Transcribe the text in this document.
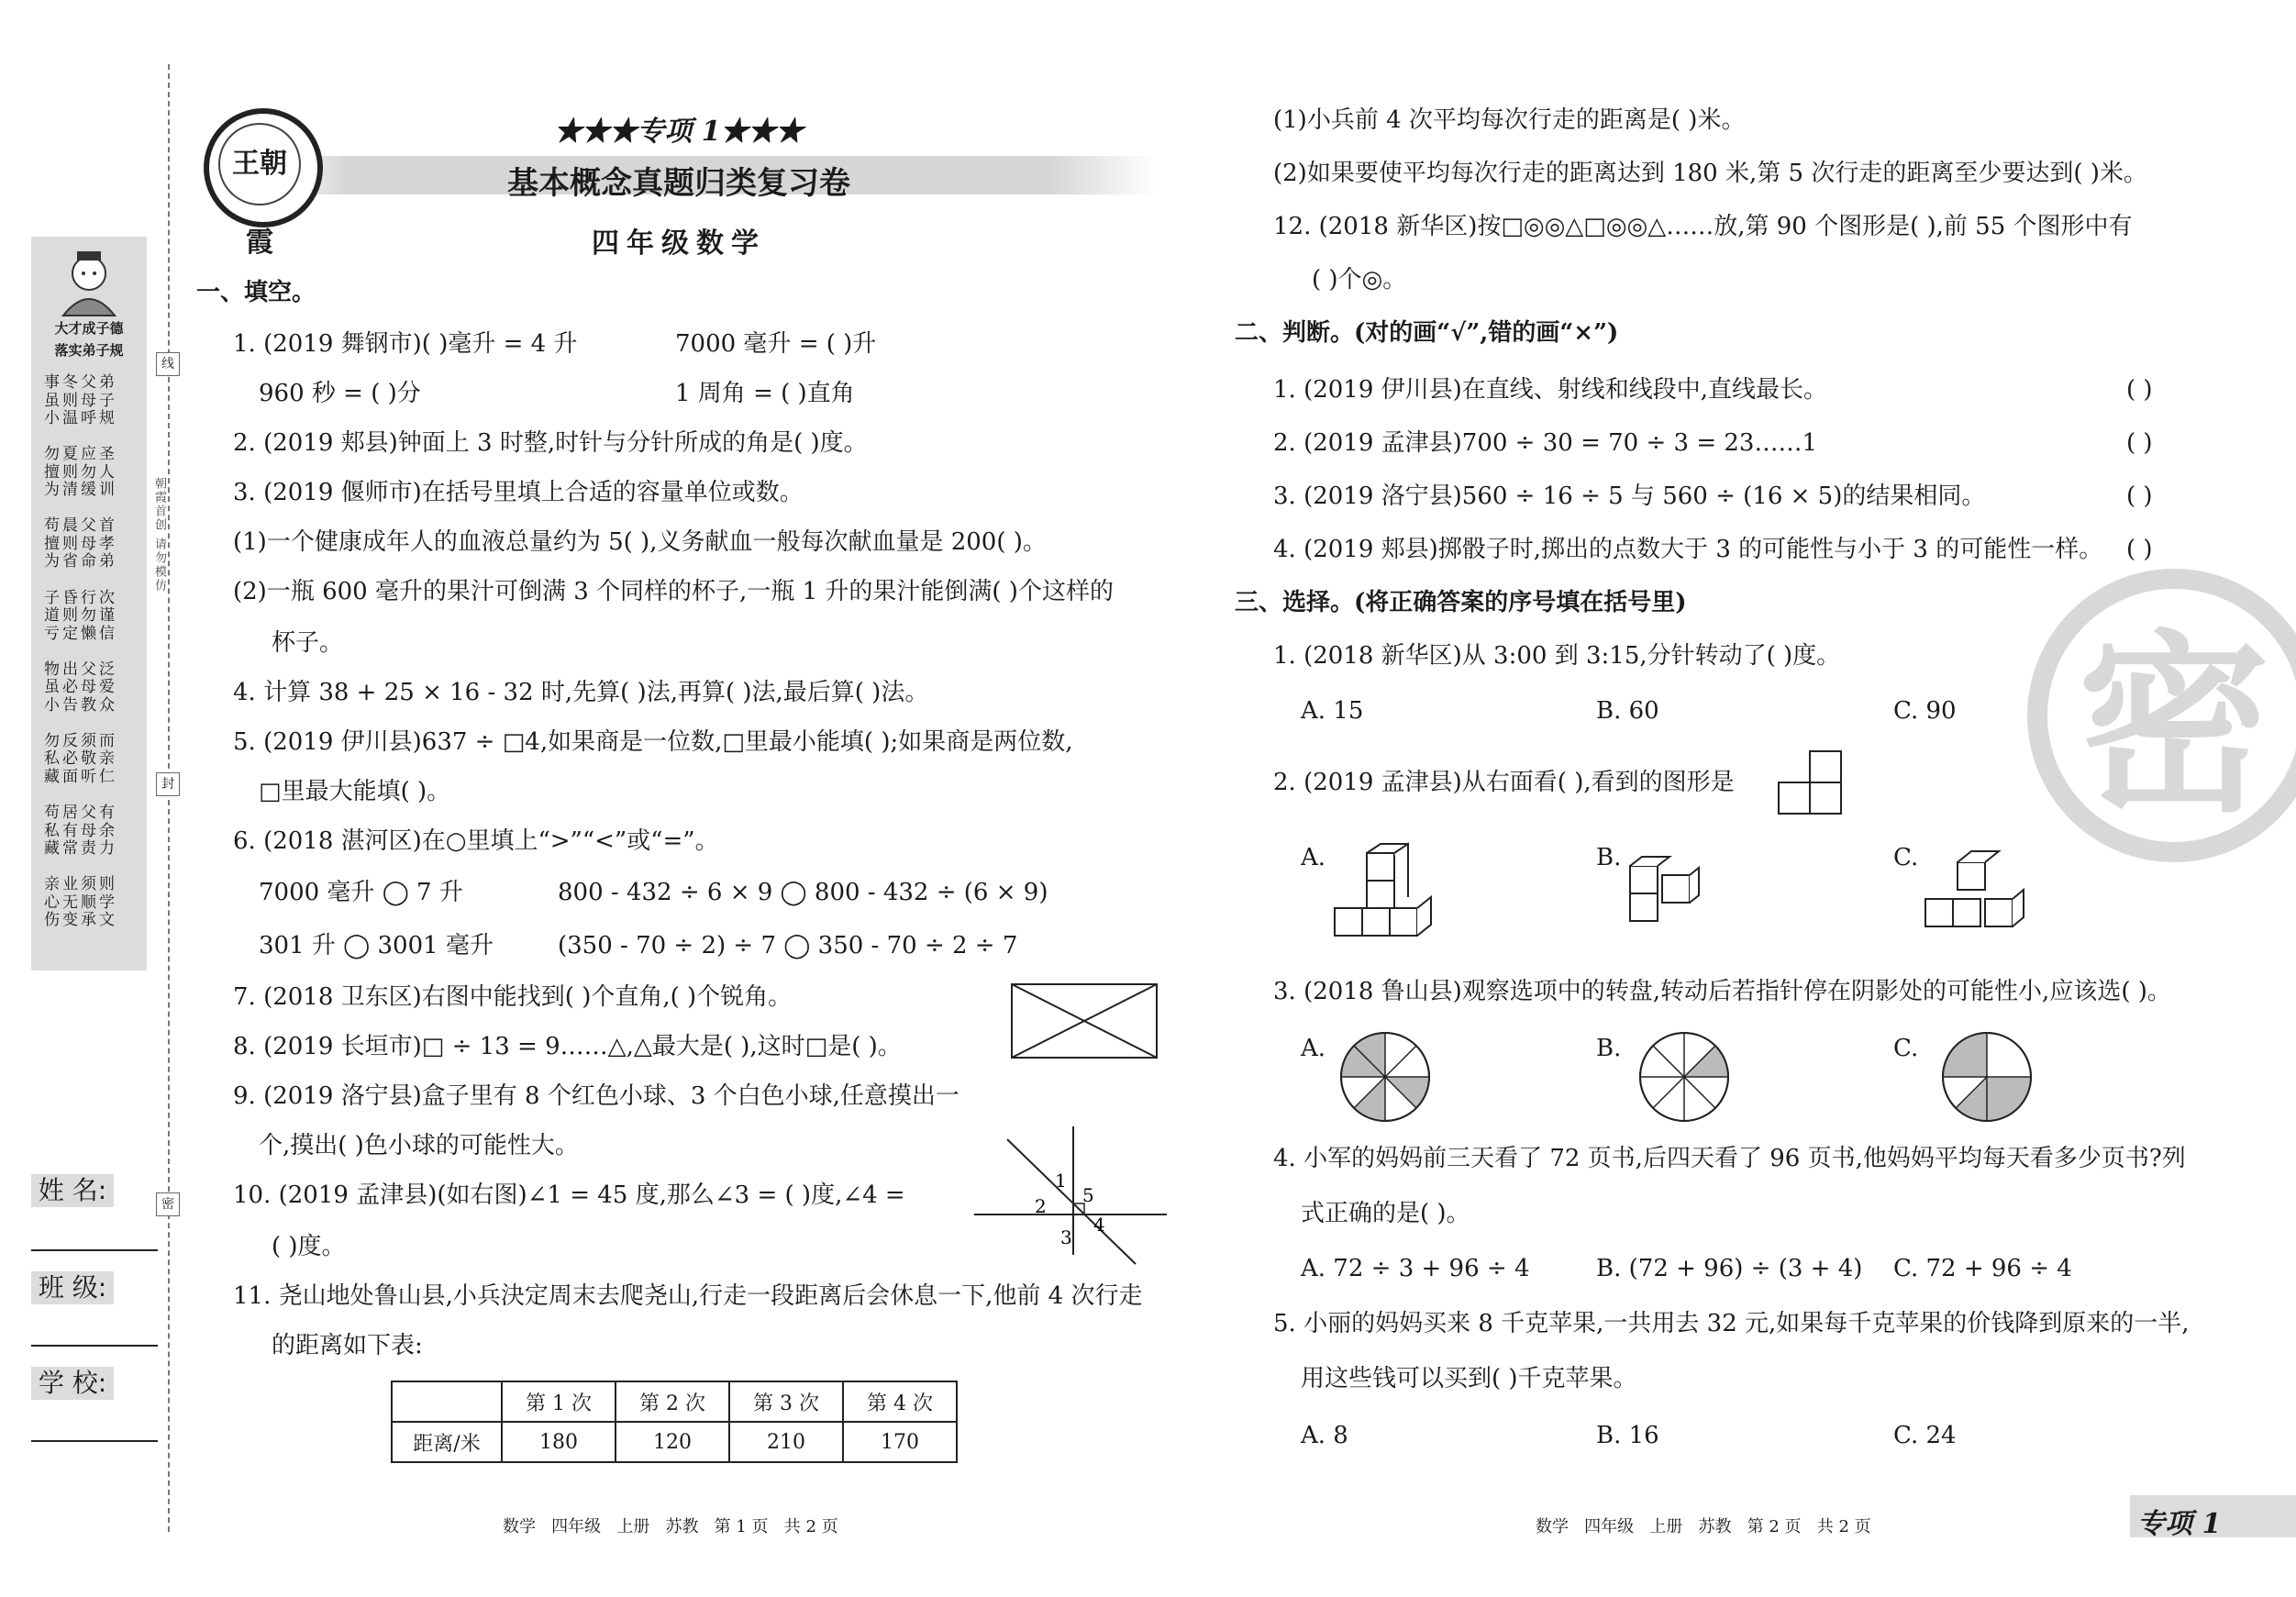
大才成子德
落实弟子规
事冬父弟
虽则母子
小温呼规

勿夏应圣
擅则勿人
为清缓训

苟晨父首
擅则母孝
为省命弟

子昏行次
道则勿谨
亏定懒信

物出父泛
虽必母爱
小告教众

勿反须而
私必敬亲
藏面听仁

苟居父有
私有母余
藏常责力

亲业须则
心无顺学
伤变承文
线
朝霞首创 请勿模仿
封
密
姓 名:
班 级:
学 校:
王朝霞
★★★专项 1★★★
基本概念真题归类复习卷
四年级数学
一、填空。
1. (2019 舞钢市)( )毫升 = 4 升	7000 毫升 = ( )升
960 秒 = ( )分	1 周角 = ( )直角
2. (2019 郏县)钟面上 3 时整,时针与分针所成的角是( )度。
3. (2019 偃师市)在括号里填上合适的容量单位或数。
(1)一个健康成年人的血液总量约为 5( ),义务献血一般每次献血量是 200( )。
(2)一瓶 600 毫升的果汁可倒满 3 个同样的杯子,一瓶 1 升的果汁能倒满( )个这样的
杯子。
4. 计算 38 + 25 × 16 - 32 时,先算( )法,再算( )法,最后算( )法。
5. (2019 伊川县)637 ÷ □4,如果商是一位数,□里最小能填( );如果商是两位数,
□里最大能填( )。
6. (2018 湛河区)在○里填上“>”“<”或“=”。
7000 毫升 ◯ 7 升	800 - 432 ÷ 6 × 9 ◯ 800 - 432 ÷ (6 × 9)
301 升 ◯ 3001 毫升	(350 - 70 ÷ 2) ÷ 7 ◯ 350 - 70 ÷ 2 ÷ 7
7. (2018 卫东区)右图中能找到( )个直角,( )个锐角。
8. (2019 长垣市)□ ÷ 13 = 9……△,△最大是( ),这时□是( )。
9. (2019 洛宁县)盒子里有 8 个红色小球、3 个白色小球,任意摸出一
个,摸出( )色小球的可能性大。
10. (2019 孟津县)(如右图)∠1 = 45 度,那么∠3 = ( )度,∠4 =
( )度。
1
2
3
4
5
11. 尧山地处鲁山县,小兵決定周末去爬尧山,行走一段距离后会休息一下,他前 4 次行走
的距离如下表:
	第 1 次	第 2 次	第 3 次	第 4 次
距离/米	180	120	210	170
密
(1)小兵前 4 次平均每次行走的距离是( )米。
(2)如果要使平均每次行走的距离达到 180 米,第 5 次行走的距离至少要达到( )米。
12. (2018 新华区)按□◎◎△□◎◎△……放,第 90 个图形是( ),前 55 个图形中有
( )个◎。
二、判断。(对的画“√”,错的画“×”)
1. (2019 伊川县)在直线、射线和线段中,直线最长。	( )
2. (2019 孟津县)700 ÷ 30 = 70 ÷ 3 = 23……1	( )
3. (2019 洛宁县)560 ÷ 16 ÷ 5 与 560 ÷ (16 × 5)的结果相同。	( )
4. (2019 郏县)掷骰子时,掷出的点数大于 3 的可能性与小于 3 的可能性一样。 ( )
三、选择。(将正确答案的序号填在括号里)
1. (2018 新华区)从 3:00 到 3:15,分针转动了( )度。
A. 15	B. 60	C. 90
2. (2019 孟津县)从右面看( ),看到的图形是
A.	B.	C.
3. (2018 鲁山县)观察选项中的转盘,转动后若指针停在阴影处的可能性小,应该选( )。
A.	B.	C.
4. 小军的妈妈前三天看了 72 页书,后四天看了 96 页书,他妈妈平均每天看多少页书?列
式正确的是( )。
A. 72 ÷ 3 + 96 ÷ 4	B. (72 + 96) ÷ (3 + 4) C. 72 + 96 ÷ 4
5. 小丽的妈妈买来 8 千克苹果,一共用去 32 元,如果每千克苹果的价钱降到原来的一半,
用这些钱可以买到( )千克苹果。
A. 8	B. 16	C. 24
数学   四年级   上册   苏教   第 1 页   共 2 页	数学   四年级   上册   苏教   第 2 页   共 2 页	专项 1
